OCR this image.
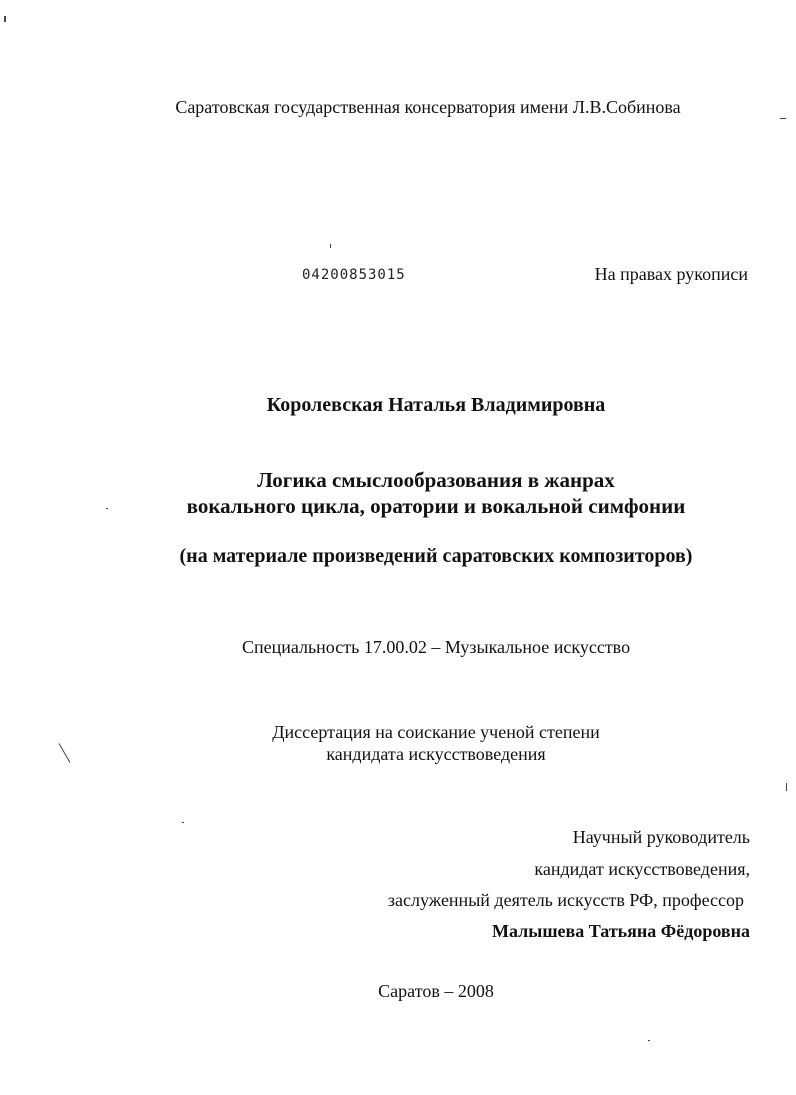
Саратовская государственная консерватория имени Л.В.Собинова
04200853015	На правах рукописи
Королевская Наталья Владимировна
Логика смыслообразования в жанрах
вокального цикла, оратории и вокальной симфонии
(на материале произведений саратовских композиторов)
Специальность 17.00.02 – Музыкальное искусство
Диссертация на соискание ученой степени
кандидата искусствоведения
Научный руководитель
кандидат искусствоведения,
заслуженный деятель искусств РФ, профессор
Малышева Татьяна Фёдоровна
Саратов – 2008
